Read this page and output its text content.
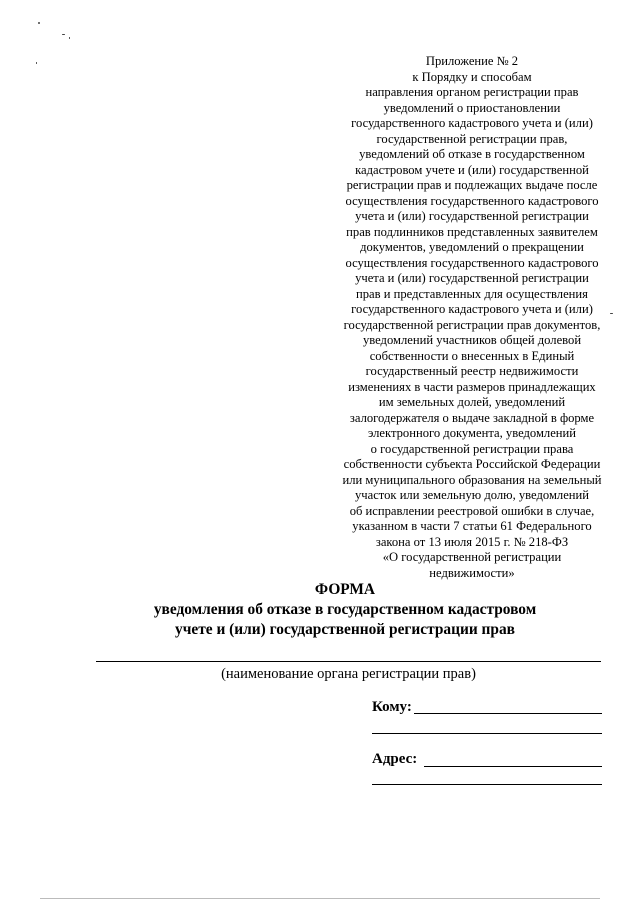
Приложение № 2
к Порядку и способам
направления органом регистрации прав
уведомлений о приостановлении
государственного кадастрового учета и (или)
государственной регистрации прав,
уведомлений об отказе в государственном
кадастровом учете и (или) государственной
регистрации прав и подлежащих выдаче после
осуществления государственного кадастрового
учета и (или) государственной регистрации
прав подлинников представленных заявителем
документов, уведомлений о прекращении
осуществления государственного кадастрового
учета и (или) государственной регистрации
прав и представленных для осуществления
государственного кадастрового учета и (или)
государственной регистрации прав документов,
уведомлений участников общей долевой
собственности о внесенных в Единый
государственный реестр недвижимости
изменениях в части размеров принадлежащих
им земельных долей, уведомлений
залогодержателя о выдаче закладной в форме
электронного документа, уведомлений
о государственной регистрации права
собственности субъекта Российской Федерации
или муниципального образования на земельный
участок или земельную долю, уведомлений
об исправлении реестровой ошибки в случае,
указанном в части 7 статьи 61 Федерального
закона от 13 июля 2015 г. № 218-ФЗ
«О государственной регистрации
недвижимости»
ФОРМА
уведомления об отказе в государственном кадастровом
учете и (или) государственной регистрации прав
(наименование органа регистрации прав)
Кому:
Адрес:
